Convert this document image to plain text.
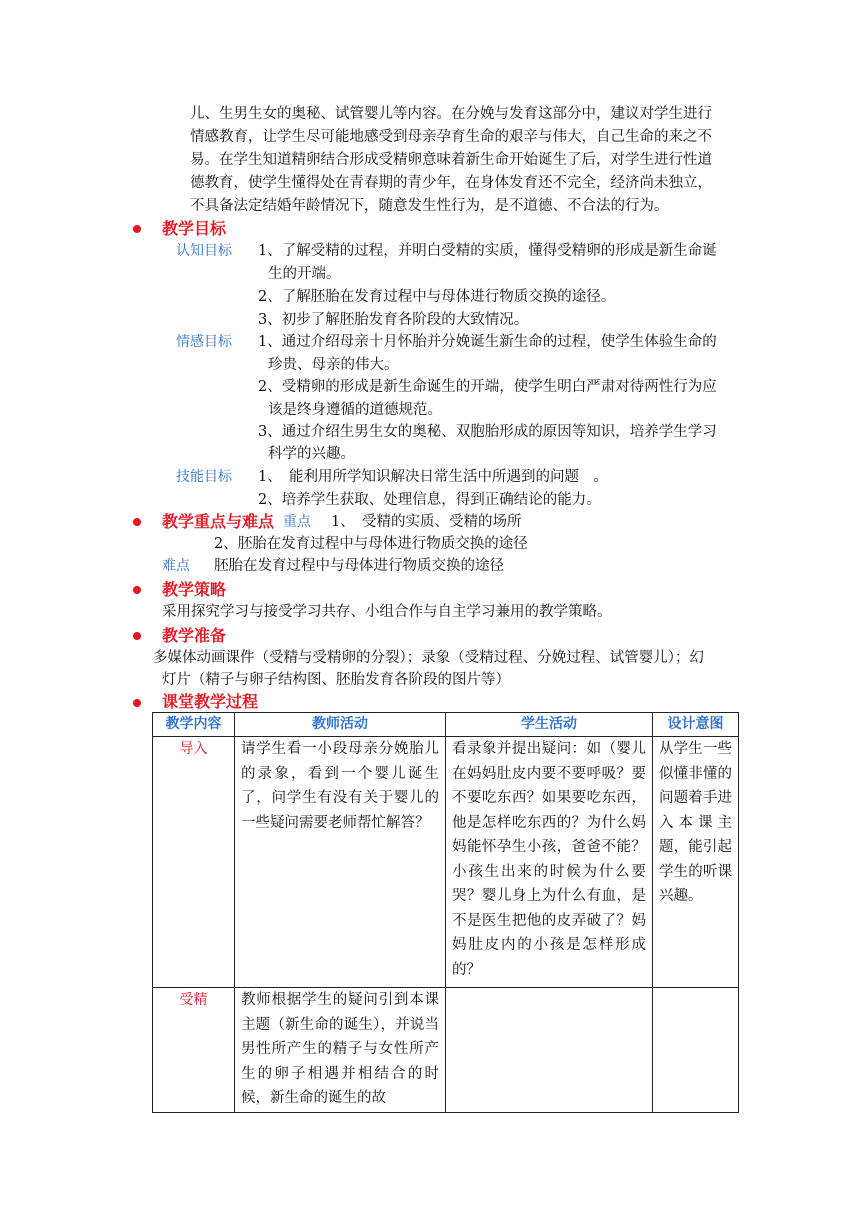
儿、生男生女的奥秘、试管婴儿等内容。在分娩与发育这部分中，建议对学生进行
情感教育，让学生尽可能地感受到母亲孕育生命的艰辛与伟大，自己生命的来之不
易。在学生知道精卵结合形成受精卵意味着新生命开始诞生了后，对学生进行性道
德教育，使学生懂得处在青春期的青少年，在身体发育还不完全，经济尚未独立，
不具备法定结婚年龄情况下，随意发生性行为，是不道德、不合法的行为。
教学目标
认知目标 1、了解受精的过程，并明白受精的实质，懂得受精卵的形成是新生命诞
生的开端。
2、了解胚胎在发育过程中与母体进行物质交换的途径。
3、初步了解胚胎发育各阶段的大致情况。
情感目标 1、通过介绍母亲十月怀胎并分娩诞生新生命的过程，使学生体验生命的
珍贵、母亲的伟大。
2、受精卵的形成是新生命诞生的开端，使学生明白严肃对待两性行为应
该是终身遵循的道德规范。
3、通过介绍生男生女的奥秘、双胞胎形成的原因等知识，培养学生学习
科学的兴趣。
技能目标 1、　能利用所学知识解决日常生活中所遇到的问题　。
2、培养学生获取、处理信息，得到正确结论的能力。
教学重点与难点 重点 1、　受精的实质、受精的场所
2、胚胎在发育过程中与母体进行物质交换的途径
难点 胚胎在发育过程中与母体进行物质交换的途径
教学策略
采用探究学习与接受学习共存、小组合作与自主学习兼用的教学策略。
教学准备
多媒体动画课件（受精与受精卵的分裂）；录象（受精过程、分娩过程、试管婴儿）；幻
灯片（精子与卵子结构图、胚胎发育各阶段的图片等）
课堂教学过程
教学内容	教师活动	学生活动	设计意图

导入	请学生看一小段母亲分娩胎儿的录象，看到一个婴儿诞生了，问学生有没有关于婴儿的一些疑问需要老师帮忙解答？	看录象并提出疑问：如（婴儿在妈妈肚皮内要不要呼吸？要不要吃东西？如果要吃东西，他是怎样吃东西的？为什么妈妈能怀孕生小孩，爸爸不能？小孩生出来的时候为什么要哭？婴儿身上为什么有血，是不是医生把他的皮弄破了？妈妈肚皮内的小孩是怎样形成的？	从学生一些似懂非懂的问题着手进入本课主题，能引起学生的听课兴趣。

受精	教师根据学生的疑问引到本课主题（新生命的诞生），并说当男性所产生的精子与女性所产生的卵子相遇并相结合的时候，新生命的诞生的故		
